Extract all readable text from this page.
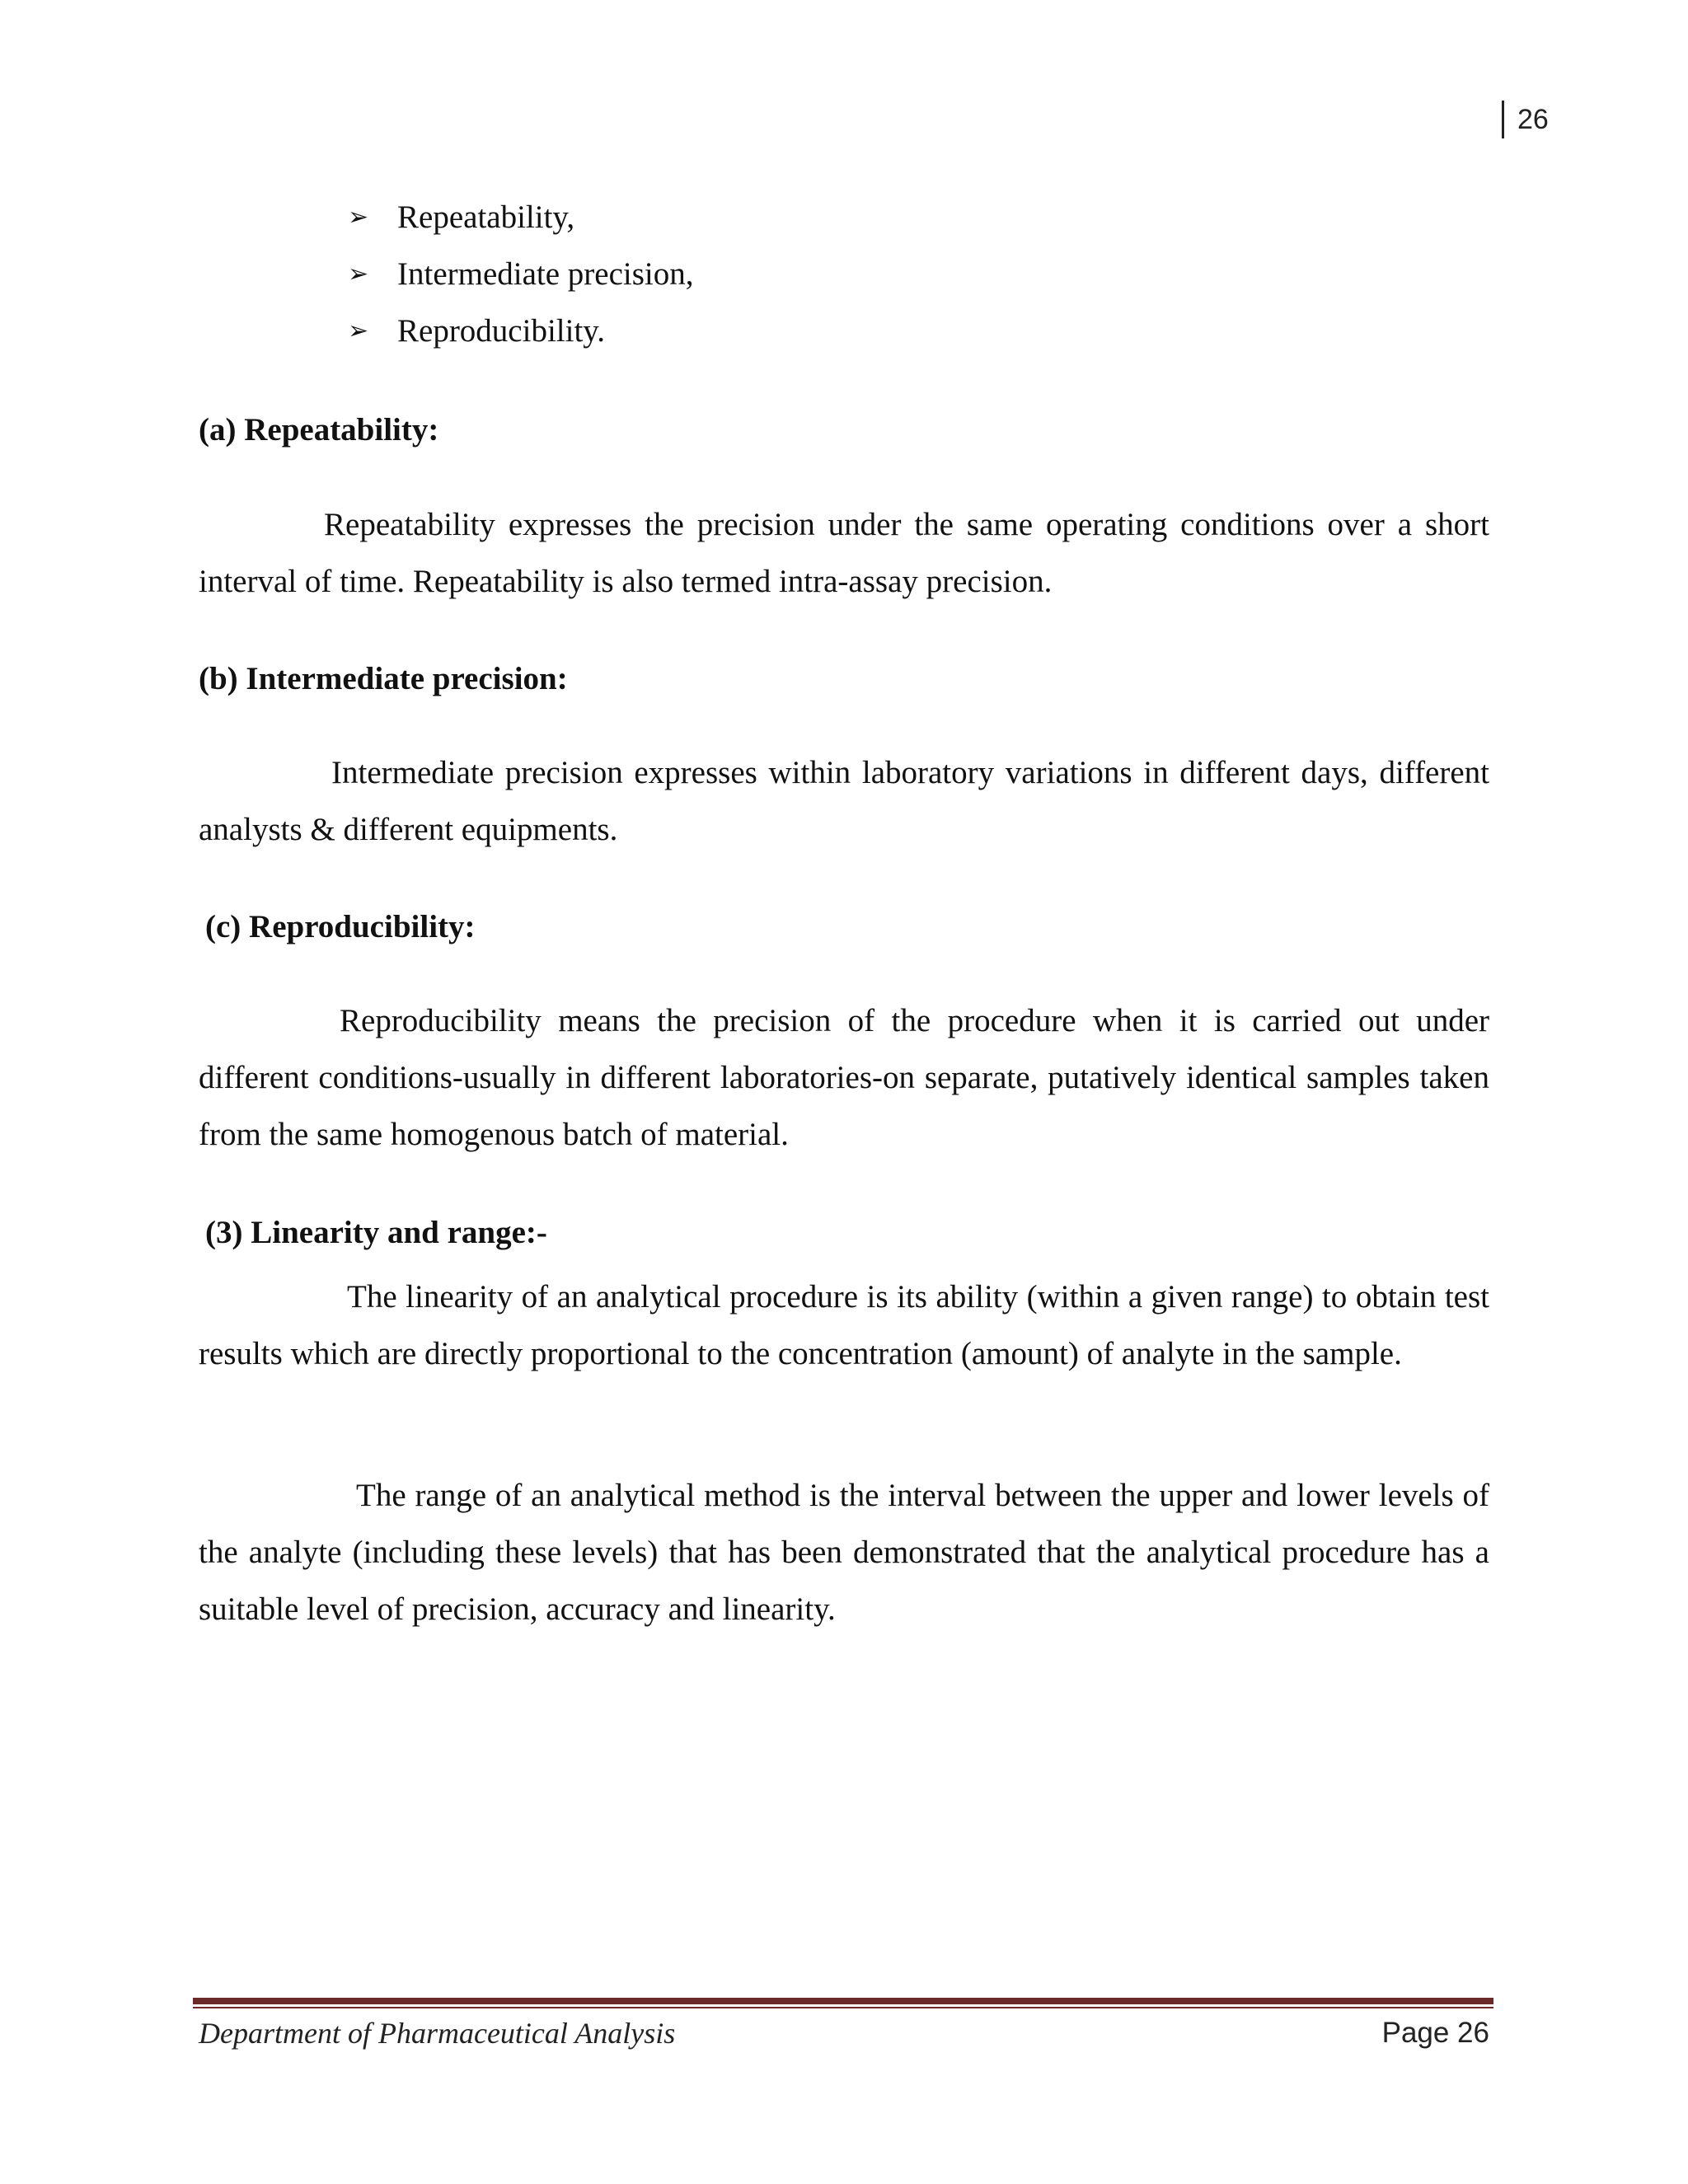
26
➢ Repeatability,
➢ Intermediate precision,
➢ Reproducibility.
(a) Repeatability:

Repeatability expresses the precision under the same operating conditions over a short interval of time. Repeatability is also termed intra-assay precision.

(b) Intermediate precision:

Intermediate precision expresses within laboratory variations in different days, different analysts & different equipments.

(c) Reproducibility:

Reproducibility means the precision of the procedure when it is carried out under different conditions-usually in different laboratories-on separate, putatively identical samples taken from the same homogenous batch of material.

(3) Linearity and range:-

The linearity of an analytical procedure is its ability (within a given range) to obtain test results which are directly proportional to the concentration (amount) of analyte in the sample.

The range of an analytical method is the interval between the upper and lower levels of the analyte (including these levels) that has been demonstrated that the analytical procedure has a suitable level of precision, accuracy and linearity.

Department of Pharmaceutical Analysis	Page 26
